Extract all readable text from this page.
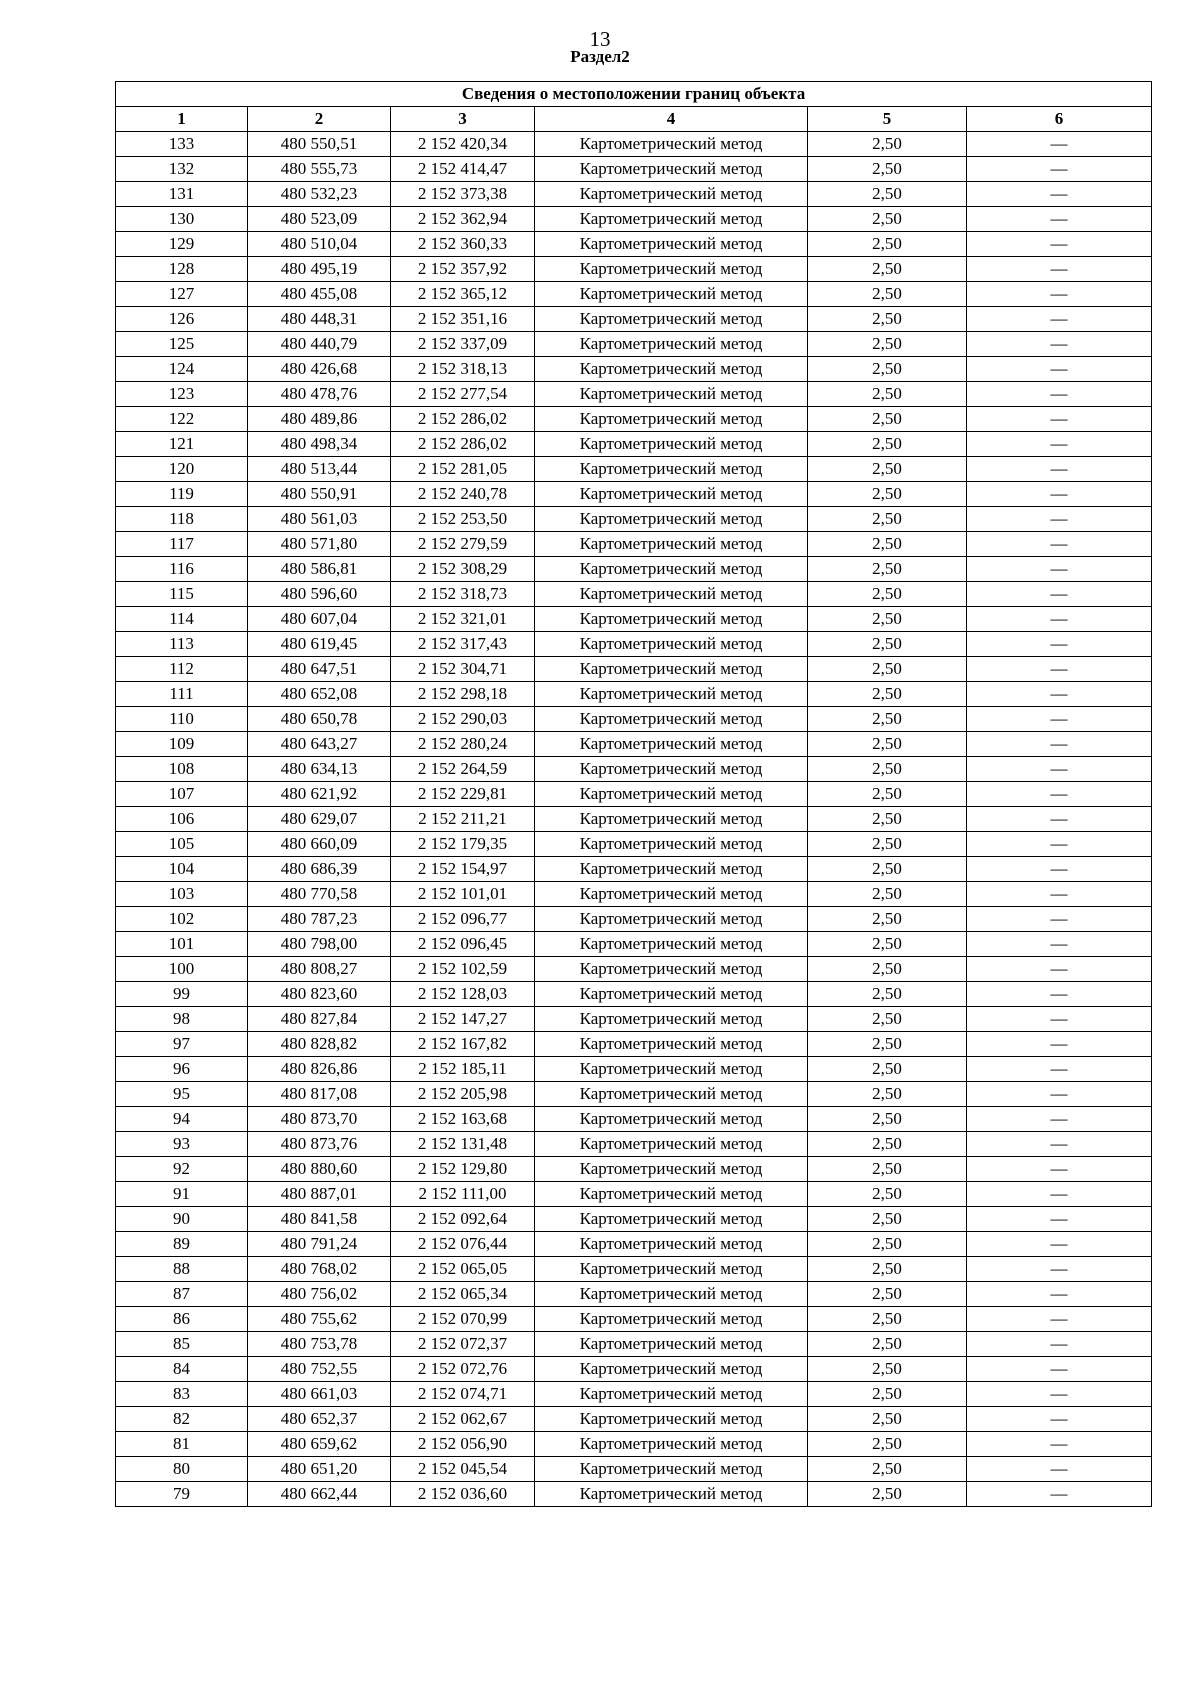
13
Раздел2
Сведения о местоположении границ объекта					
1	2	3	4	5	6
133	480 550,51	2 152 420,34	Картометрический метод	2,50	—
132	480 555,73	2 152 414,47	Картометрический метод	2,50	—
131	480 532,23	2 152 373,38	Картометрический метод	2,50	—
130	480 523,09	2 152 362,94	Картометрический метод	2,50	—
129	480 510,04	2 152 360,33	Картометрический метод	2,50	—
128	480 495,19	2 152 357,92	Картометрический метод	2,50	—
127	480 455,08	2 152 365,12	Картометрический метод	2,50	—
126	480 448,31	2 152 351,16	Картометрический метод	2,50	—
125	480 440,79	2 152 337,09	Картометрический метод	2,50	—
124	480 426,68	2 152 318,13	Картометрический метод	2,50	—
123	480 478,76	2 152 277,54	Картометрический метод	2,50	—
122	480 489,86	2 152 286,02	Картометрический метод	2,50	—
121	480 498,34	2 152 286,02	Картометрический метод	2,50	—
120	480 513,44	2 152 281,05	Картометрический метод	2,50	—
119	480 550,91	2 152 240,78	Картометрический метод	2,50	—
118	480 561,03	2 152 253,50	Картометрический метод	2,50	—
117	480 571,80	2 152 279,59	Картометрический метод	2,50	—
116	480 586,81	2 152 308,29	Картометрический метод	2,50	—
115	480 596,60	2 152 318,73	Картометрический метод	2,50	—
114	480 607,04	2 152 321,01	Картометрический метод	2,50	—
113	480 619,45	2 152 317,43	Картометрический метод	2,50	—
112	480 647,51	2 152 304,71	Картометрический метод	2,50	—
111	480 652,08	2 152 298,18	Картометрический метод	2,50	—
110	480 650,78	2 152 290,03	Картометрический метод	2,50	—
109	480 643,27	2 152 280,24	Картометрический метод	2,50	—
108	480 634,13	2 152 264,59	Картометрический метод	2,50	—
107	480 621,92	2 152 229,81	Картометрический метод	2,50	—
106	480 629,07	2 152 211,21	Картометрический метод	2,50	—
105	480 660,09	2 152 179,35	Картометрический метод	2,50	—
104	480 686,39	2 152 154,97	Картометрический метод	2,50	—
103	480 770,58	2 152 101,01	Картометрический метод	2,50	—
102	480 787,23	2 152 096,77	Картометрический метод	2,50	—
101	480 798,00	2 152 096,45	Картометрический метод	2,50	—
100	480 808,27	2 152 102,59	Картометрический метод	2,50	—
99	480 823,60	2 152 128,03	Картометрический метод	2,50	—
98	480 827,84	2 152 147,27	Картометрический метод	2,50	—
97	480 828,82	2 152 167,82	Картометрический метод	2,50	—
96	480 826,86	2 152 185,11	Картометрический метод	2,50	—
95	480 817,08	2 152 205,98	Картометрический метод	2,50	—
94	480 873,70	2 152 163,68	Картометрический метод	2,50	—
93	480 873,76	2 152 131,48	Картометрический метод	2,50	—
92	480 880,60	2 152 129,80	Картометрический метод	2,50	—
91	480 887,01	2 152 111,00	Картометрический метод	2,50	—
90	480 841,58	2 152 092,64	Картометрический метод	2,50	—
89	480 791,24	2 152 076,44	Картометрический метод	2,50	—
88	480 768,02	2 152 065,05	Картометрический метод	2,50	—
87	480 756,02	2 152 065,34	Картометрический метод	2,50	—
86	480 755,62	2 152 070,99	Картометрический метод	2,50	—
85	480 753,78	2 152 072,37	Картометрический метод	2,50	—
84	480 752,55	2 152 072,76	Картометрический метод	2,50	—
83	480 661,03	2 152 074,71	Картометрический метод	2,50	—
82	480 652,37	2 152 062,67	Картометрический метод	2,50	—
81	480 659,62	2 152 056,90	Картометрический метод	2,50	—
80	480 651,20	2 152 045,54	Картометрический метод	2,50	—
79	480 662,44	2 152 036,60	Картометрический метод	2,50	—
